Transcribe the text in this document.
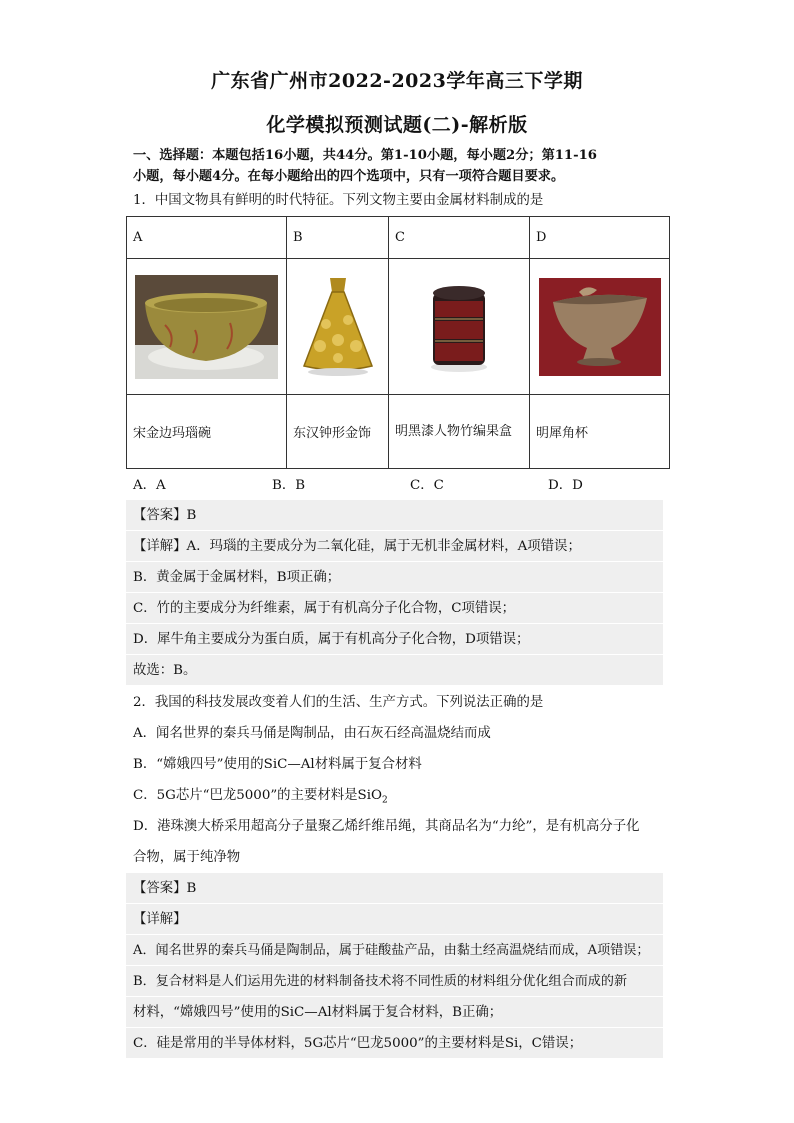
广东省广州市2022-2023学年高三下学期
化学模拟预测试题(二)-解析版
一、选择题：本题包括16小题，共44分。第1-10小题，每小题2分；第11-16
小题，每小题4分。在每小题给出的四个选项中，只有一项符合题目要求。
1．中国文物具有鲜明的时代特征。下列文物主要由金属材料制成的是
A	B	C	D

宋金边玛瑙碗	东汉钟形金饰	明黑漆人物竹编果盒	明犀角杯
A．A	B．B	C．C	D．D
【答案】B
【详解】A．玛瑙的主要成分为二氧化硅，属于无机非金属材料，A项错误；
B．黄金属于金属材料，B项正确；
C．竹的主要成分为纤维素，属于有机高分子化合物，C项错误；
D．犀牛角主要成分为蛋白质，属于有机高分子化合物，D项错误；
故选：B。
2．我国的科技发展改变着人们的生活、生产方式。下列说法正确的是
A．闻名世界的秦兵马俑是陶制品，由石灰石经高温烧结而成
B．“嫦娥四号”使用的SiC—Al材料属于复合材料
C．5G芯片“巴龙5000”的主要材料是SiO$_2$
D．港珠澳大桥采用超高分子量聚乙烯纤维吊绳，其商品名为“力纶”，是有机高分子化
合物，属于纯净物
【答案】B
【详解】
A．闻名世界的秦兵马俑是陶制品，属于硅酸盐产品，由黏土经高温烧结而成，A项错误；
B．复合材料是人们运用先进的材料制备技术将不同性质的材料组分优化组合而成的新
材料，“嫦娥四号”使用的SiC—Al材料属于复合材料，B正确；
C．硅是常用的半导体材料，5G芯片“巴龙5000”的主要材料是Si，C错误；
